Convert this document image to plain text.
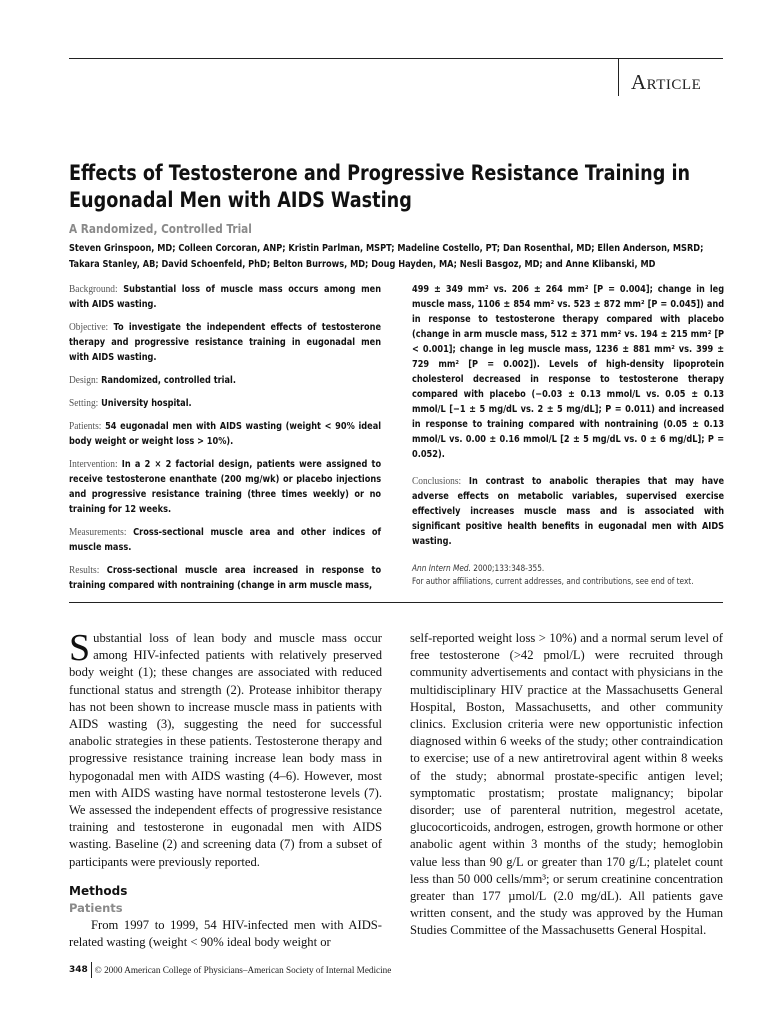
Article
Effects of Testosterone and Progressive Resistance Training in
Eugonadal Men with AIDS Wasting
A Randomized, Controlled Trial
Steven Grinspoon, MD; Colleen Corcoran, ANP; Kristin Parlman, MSPT; Madeline Costello, PT; Dan Rosenthal, MD; Ellen Anderson, MSRD;
Takara Stanley, AB; David Schoenfeld, PhD; Belton Burrows, MD; Doug Hayden, MA; Nesli Basgoz, MD; and Anne Klibanski, MD

Background: Substantial loss of muscle mass occurs among men with AIDS wasting.

Objective: To investigate the independent effects of testosterone therapy and progressive resistance training in eugonadal men with AIDS wasting.

Design: Randomized, controlled trial.

Setting: University hospital.

Patients: 54 eugonadal men with AIDS wasting (weight < 90% ideal body weight or weight loss > 10%).

Intervention: In a 2 × 2 factorial design, patients were assigned to receive testosterone enanthate (200 mg/wk) or placebo injections and progressive resistance training (three times weekly) or no training for 12 weeks.

Measurements: Cross-sectional muscle area and other indices of muscle mass.

Results: Cross-sectional muscle area increased in response to training compared with nontraining (change in arm muscle mass,

499 ± 349 mm² vs. 206 ± 264 mm² [P = 0.004]; change in leg muscle mass, 1106 ± 854 mm² vs. 523 ± 872 mm² [P = 0.045]) and in response to testosterone therapy compared with placebo (change in arm muscle mass, 512 ± 371 mm² vs. 194 ± 215 mm² [P < 0.001]; change in leg muscle mass, 1236 ± 881 mm² vs. 399 ± 729 mm² [P = 0.002]). Levels of high-density lipoprotein cholesterol decreased in response to testosterone therapy compared with placebo (−0.03 ± 0.13 mmol/L vs. 0.05 ± 0.13 mmol/L [−1 ± 5 mg/dL vs. 2 ± 5 mg/dL]; P = 0.011) and increased in response to training compared with nontraining (0.05 ± 0.13 mmol/L vs. 0.00 ± 0.16 mmol/L [2 ± 5 mg/dL vs. 0 ± 6 mg/dL]; P = 0.052).

Conclusions: In contrast to anabolic therapies that may have adverse effects on metabolic variables, supervised exercise effectively increases muscle mass and is associated with significant positive health benefits in eugonadal men with AIDS wasting.

Ann Intern Med. 2000;133:348-355.
For author affiliations, current addresses, and contributions, see end of text.
Substantial loss of lean body and muscle mass occur among HIV-infected patients with relatively preserved body weight (1); these changes are associated with reduced functional status and strength (2). Protease inhibitor therapy has not been shown to increase muscle mass in patients with AIDS wasting (3), suggesting the need for successful anabolic strategies in these patients. Testosterone therapy and progressive resistance training increase lean body mass in hypogonadal men with AIDS wasting (4–6). However, most men with AIDS wasting have normal testosterone levels (7). We assessed the independent effects of progressive resistance training and testosterone in eugonadal men with AIDS wasting. Baseline (2) and screening data (7) from a subset of participants were previously reported.
Methods
Patients
From 1997 to 1999, 54 HIV-infected men with AIDS-related wasting (weight < 90% ideal body weight or
self-reported weight loss > 10%) and a normal serum level of free testosterone (>42 pmol/L) were recruited through community advertisements and contact with physicians in the multidisciplinary HIV practice at the Massachusetts General Hospital, Boston, Massachusetts, and other community clinics. Exclusion criteria were new opportunistic infection diagnosed within 6 weeks of the study; other contraindication to exercise; use of a new antiretroviral agent within 8 weeks of the study; abnormal prostate-specific antigen level; symptomatic prostatism; prostate malignancy; bipolar disorder; use of parenteral nutrition, megestrol acetate, glucocorticoids, androgen, estrogen, growth hormone or other anabolic agent within 3 months of the study; hemoglobin value less than 90 g/L or greater than 170 g/L; platelet count less than 50 000 cells/mm³; or serum creatinine concentration greater than 177 µmol/L (2.0 mg/dL). All patients gave written consent, and the study was approved by the Human Studies Committee of the Massachusetts General Hospital.
348 © 2000 American College of Physicians–American Society of Internal Medicine
